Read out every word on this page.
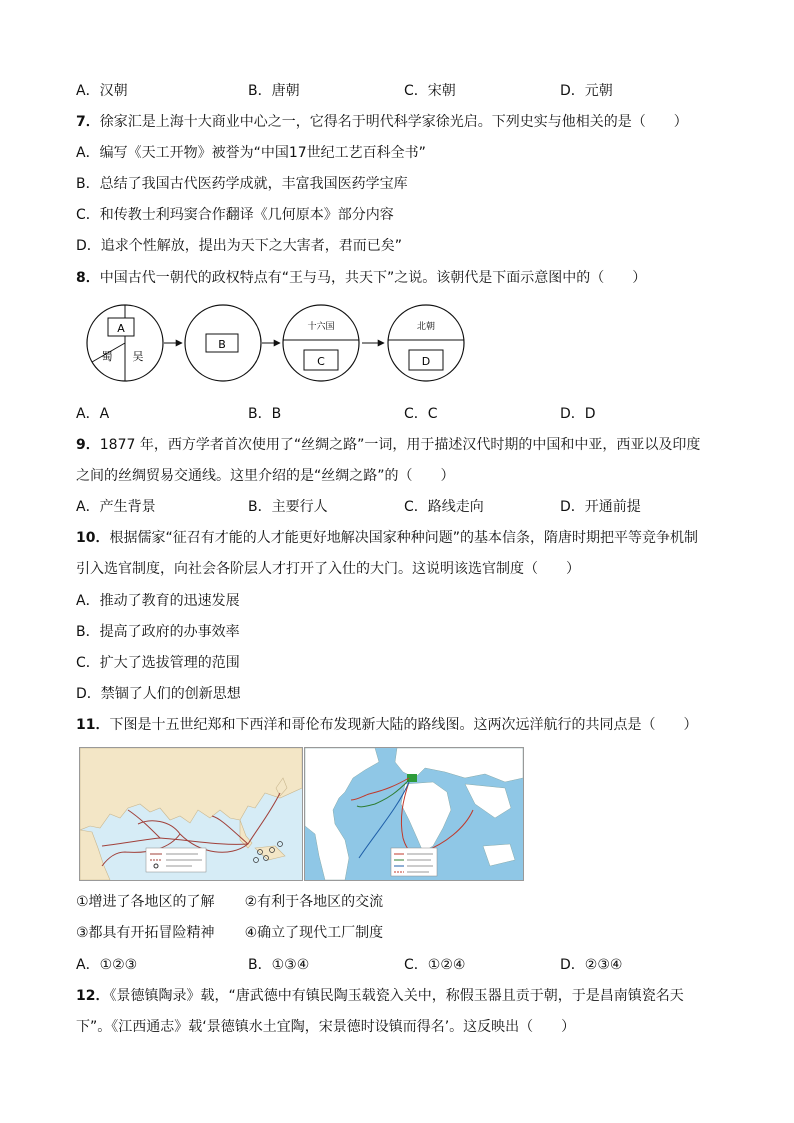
A．汉朝	B．唐朝	C．宋朝	D．元朝
7．徐家汇是上海十大商业中心之一，它得名于明代科学家徐光启。下列史实与他相关的是（　　）
A．编写《天工开物》被誉为“中国17世纪工艺百科全书”
B．总结了我国古代医药学成就，丰富我国医药学宝库
C．和传教士利玛窦合作翻译《几何原本》部分内容
D．追求个性解放，提出为天下之大害者，君而已矣”
8．中国古代一朝代的政权特点有“王与马，共天下”之说。该朝代是下面示意图中的（　　）
A
蜀 吴
B
十六国
C
北朝
D
A．A	B．B	C．C	D．D
9．1877 年，西方学者首次使用了“丝绸之路”一词，用于描述汉代时期的中国和中亚，西亚以及印度
之间的丝绸贸易交通线。这里介绍的是“丝绸之路”的（　　）
A．产生背景	B．主要行人	C．路线走向	D．开通前提
10．根据儒家“征召有才能的人才能更好地解决国家种种问题”的基本信条，隋唐时期把平等竞争机制
引入选官制度，向社会各阶层人才打开了入仕的大门。这说明该选官制度（　　）
A．推动了教育的迅速发展
B．提高了政府的办事效率
C．扩大了选拔管理的范围
D．禁锢了人们的创新思想
11．下图是十五世纪郑和下西洋和哥伦布发现新大陆的路线图。这两次远洋航行的共同点是（　　）
①增进了各地区的了解 ②有利于各地区的交流
③都具有开拓冒险精神 ④确立了现代工厂制度
A．①②③	B．①③④	C．①②④	D．②③④
12．《景德镇陶录》载，“唐武德中有镇民陶玉载瓷入关中，称假玉器且贡于朝，于是昌南镇瓷名天
下”。《江西通志》载‘景德镇水土宜陶，宋景德时设镇而得名’。这反映出（　　）
